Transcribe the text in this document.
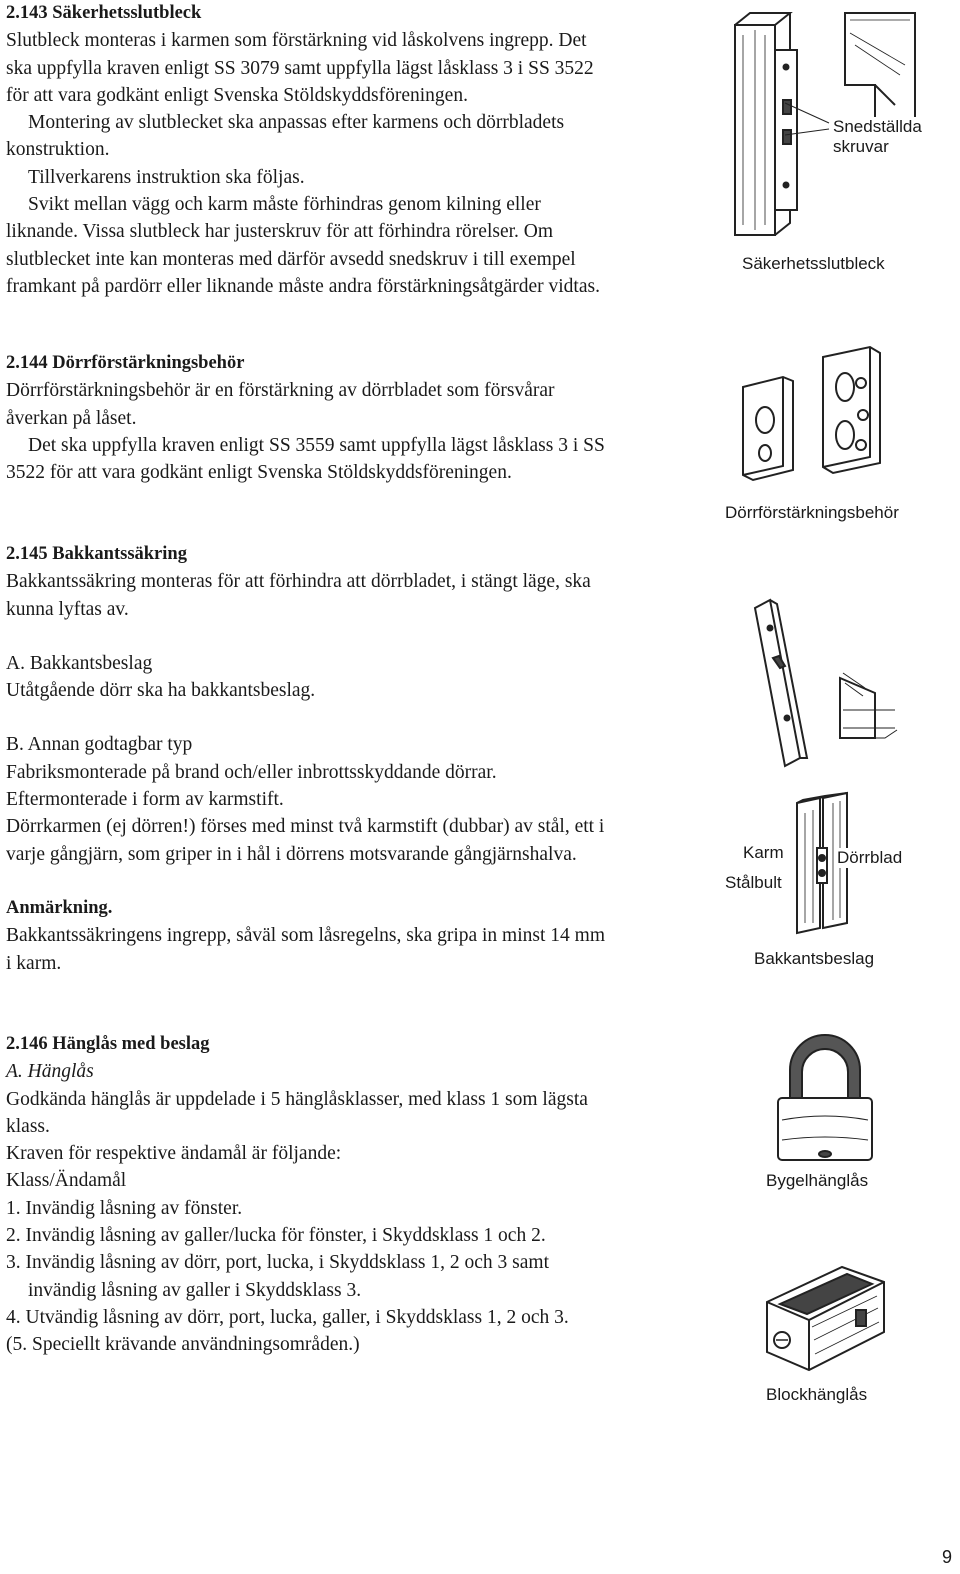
2.143 Säkerhetsslutbleck

Slutbleck monteras i karmen som förstärkning vid låskolvens ingrepp. Det ska uppfylla kraven enligt SS 3079 samt uppfylla lägst låsklass 3 i SS 3522 för att vara godkänt enligt Svenska Stöldskyddsföreningen.

Montering av slutblecket ska anpassas efter karmens och dörrbladets konstruktion.

Tillverkarens instruktion ska följas.

Svikt mellan vägg och karm måste förhindras genom kilning eller liknande. Vissa slutbleck har justerskruv för att förhindra rörelser. Om slutblecket inte kan monteras med därför avsedd snedskruv i till exempel framkant på pardörr eller liknande måste andra förstärkningsåtgärder vidtas.

2.144 Dörrförstärkningsbehör

Dörrförstärkningsbehör är en förstärkning av dörrbladet som försvårar åverkan på låset.

Det ska uppfylla kraven enligt SS 3559 samt uppfylla lägst låsklass 3 i SS 3522 för att vara godkänt enligt Svenska Stöldskyddsföreningen.

2.145 Bakkantssäkring

Bakkantssäkring monteras för att förhindra att dörrbladet, i stängt läge, ska kunna lyftas av.

A. Bakkantsbeslag

Utåtgående dörr ska ha bakkantsbeslag.

B. Annan godtagbar typ

Fabriksmonterade på brand och/eller inbrottsskyddande dörrar.

Eftermonterade i form av karmstift.

Dörrkarmen (ej dörren!) förses med minst två karmstift (dubbar) av stål, ett i varje gångjärn, som griper in i hål i dörrens motsvarande gångjärnshalva.

Anmärkning.

Bakkantssäkringens ingrepp, såväl som låsregelns, ska gripa in minst 14 mm i karm.

2.146 Hänglås med beslag

A. Hänglås

Godkända hänglås är uppdelade i 5 hänglåsklasser, med klass 1 som lägsta klass.

Kraven för respektive ändamål är följande:

Klass/Ändamål

1. Invändig låsning av fönster.

2. Invändig låsning av galler/lucka för fönster, i Skyddsklass 1 och 2.

3. Invändig låsning av dörr, port, lucka, i Skyddsklass 1, 2 och 3 samt invändig låsning av galler i Skyddsklass 3.

4. Utvändig låsning av dörr, port, lucka, galler, i Skyddsklass 1, 2 och 3.

(5. Speciellt krävande användningsområden.)

Snedställda
skruvar
Säkerhetsslutbleck
Dörrförstärkningsbehör
Karm	Dörrblad
Stålbult
Bakkantsbeslag
Bygelhänglås
Blockhänglås
9
